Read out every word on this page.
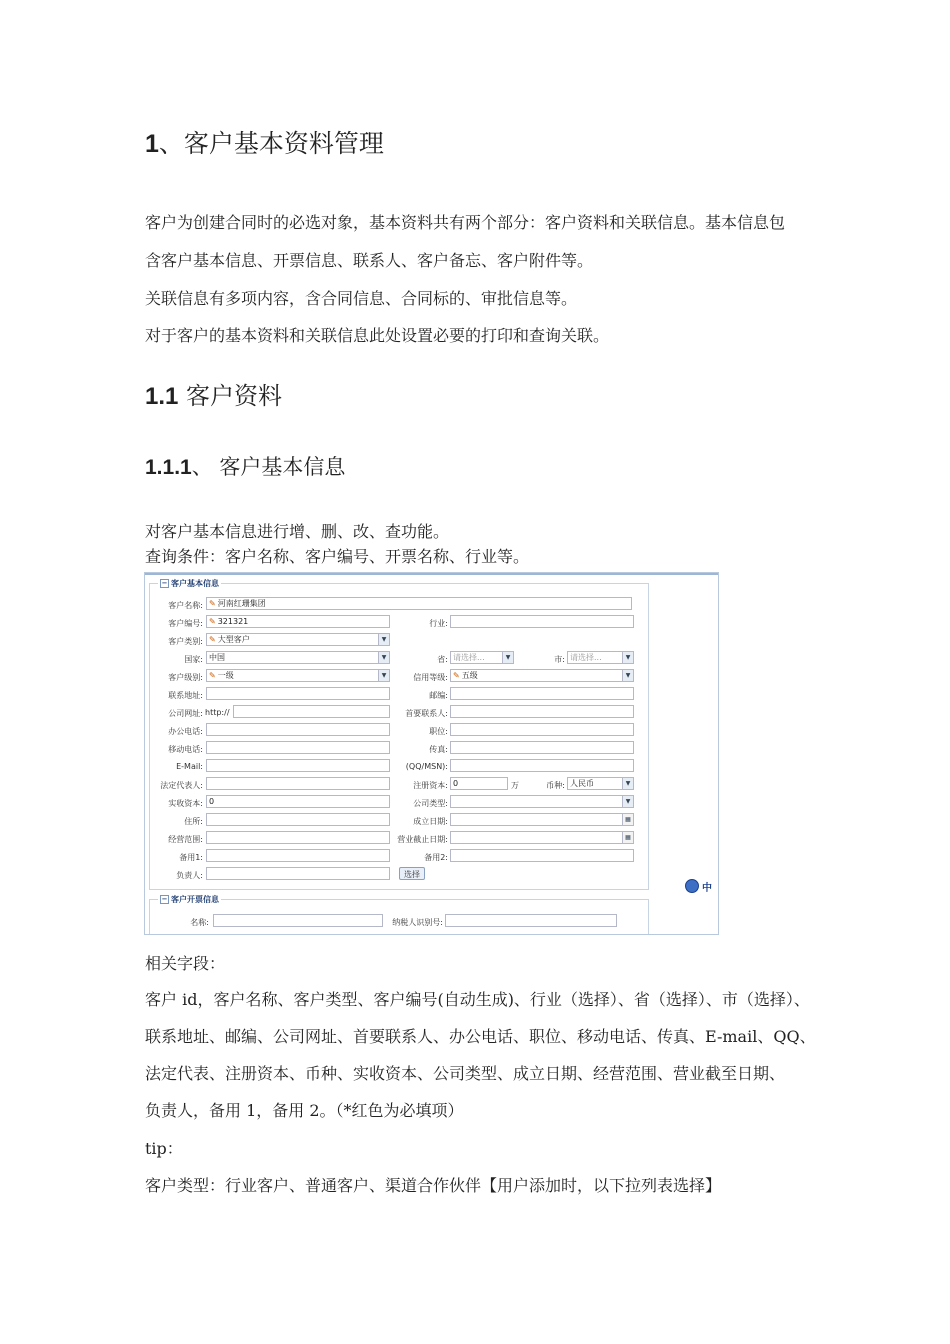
1、客户基本资料管理
客户为创建合同时的必选对象，基本资料共有两个部分：客户资料和关联信息。基本信息包
含客户基本信息、开票信息、联系人、客户备忘、客户附件等。
关联信息有多项内容，含合同信息、合同标的、审批信息等。
对于客户的基本资料和关联信息此处设置必要的打印和查询关联。
1.1 客户资料
1.1.1、 客户基本信息
对客户基本信息进行增、删、改、查功能。
查询条件：客户名称、客户编号、开票名称、行业等。
− 客户基本信息
客户名称: ✎ 河南红珊集团
客户编号: ✎ 321321	行业:
客户类别: ✎ 大型客户	▼
国家: 中国	▼	省: 请选择...	▼	市: 请选择...	▼
客户级别: ✎ 一级	▼	信用等级: ✎ 五级	▼
联系地址:	邮编:
公司网址: http://	首要联系人:
办公电话:	职位:
移动电话:	传真:
E-Mail:	(QQ/MSN):
法定代表人:	注册资本: 0	万	币种: 人民币	▼
实收资本: 0	公司类型:	▼
住所:	成立日期:	▦
经营范围:	营业截止日期:	▦
备用1:	备用2:
负责人:	选择
中
− 客户开票信息
名称:	纳税人识别号:
相关字段：
客户 id，客户名称、客户类型、客户编号(自动生成)、行业（选择）、省（选择）、市（选择）、
联系地址、邮编、公司网址、首要联系人、办公电话、职位、移动电话、传真、E-mail、QQ、
法定代表、注册资本、币种、实收资本、公司类型、成立日期、经营范围、营业截至日期、
负责人，备用 1，备用 2。（*红色为必填项）
tip：
客户类型：行业客户、普通客户、渠道合作伙伴【用户添加时，以下拉列表选择】
